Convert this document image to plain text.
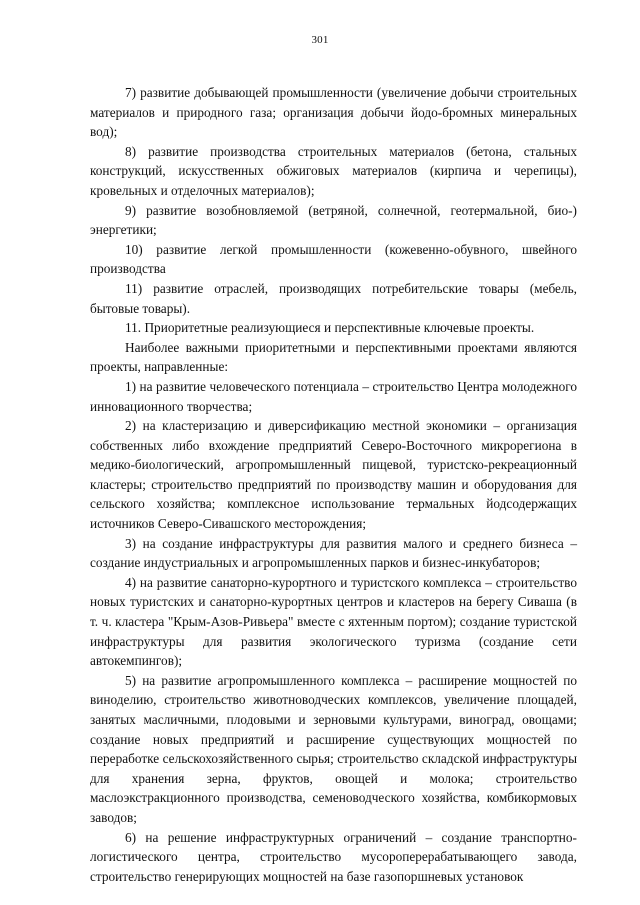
301

7) развитие добывающей промышленности (увеличение добычи строительных материалов и природного газа; организация добычи йодо-бромных минеральных вод);

8) развитие производства строительных материалов (бетона, стальных конструкций, искусственных обжиговых материалов (кирпича и черепицы), кровельных и отделочных материалов);

9) развитие возобновляемой (ветряной, солнечной, геотермальной, био-) энергетики;

10) развитие легкой промышленности (кожевенно-обувного, швейного производства

11) развитие отраслей, производящих потребительские товары (мебель, бытовые товары).

11. Приоритетные реализующиеся и перспективные ключевые проекты.

Наиболее важными приоритетными и перспективными проектами являются проекты, направленные:

1) на развитие человеческого потенциала – строительство Центра молодежного инновационного творчества;

2) на кластеризацию и диверсификацию местной экономики – организация собственных либо вхождение предприятий Северо-Восточного микрорегиона в медико-биологический, агропромышленный пищевой, туристско-рекреационный кластеры; строительство предприятий по производству машин и оборудования для сельского хозяйства; комплексное использование термальных йодсодержащих источников Северо-Сивашского месторождения;

3) на создание инфраструктуры для развития малого и среднего бизнеса – создание индустриальных и агропромышленных парков и бизнес-инкубаторов;

4) на развитие санаторно-курортного и туристского комплекса – строительство новых туристских и санаторно-курортных центров и кластеров на берегу Сиваша (в т. ч. кластера "Крым-Азов-Ривьера" вместе с яхтенным портом); создание туристской инфраструктуры для развития экологического туризма (создание сети автокемпингов);

5) на развитие агропромышленного комплекса – расширение мощностей по виноделию, строительство животноводческих комплексов, увеличение площадей, занятых масличными, плодовыми и зерновыми культурами, виноград, овощами; создание новых предприятий и расширение существующих мощностей по переработке сельскохозяйственного сырья; строительство складской инфраструктуры для хранения зерна, фруктов, овощей и молока; строительство маслоэкстракционного производства, семеноводческого хозяйства, комбикормовых заводов;

6) на решение инфраструктурных ограничений – создание транспортно-логистического центра, строительство мусороперерабатывающего завода, строительство генерирующих мощностей на базе газопоршневых установок
